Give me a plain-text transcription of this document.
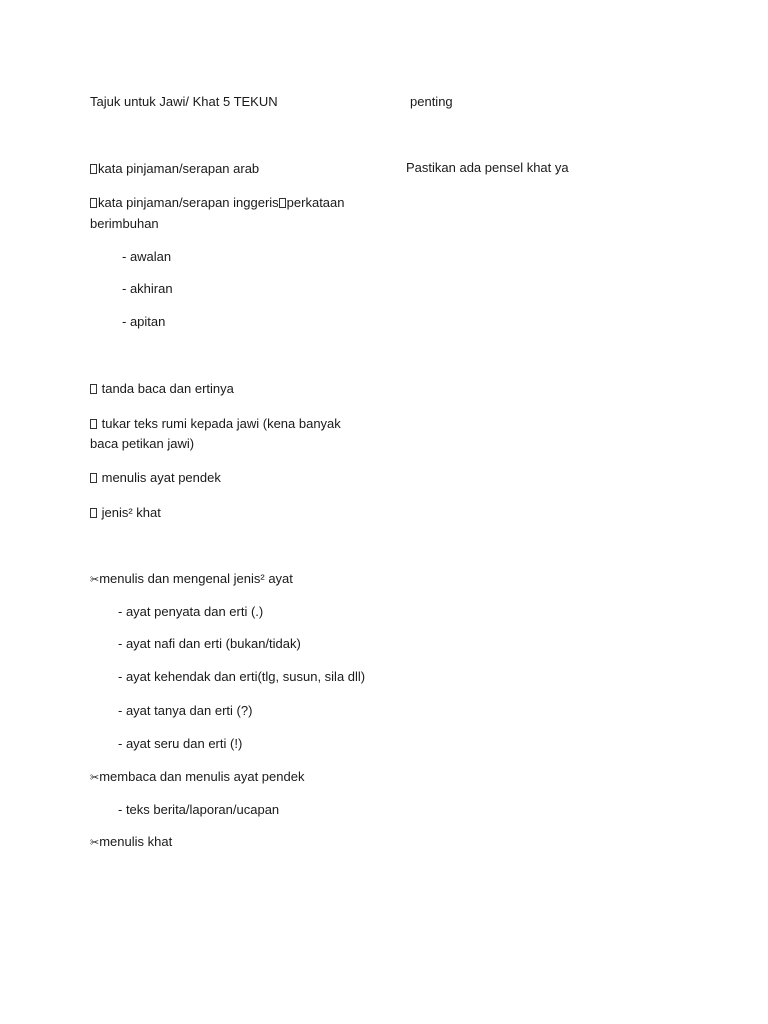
Tajuk untuk Jawi/ Khat 5 TEKUN	penting
kata pinjaman/serapan arab	Pastikan ada pensel khat ya
kata pinjaman/serapan inggeris perkataan
berimbuhan
- awalan
- akhiran
- apitan
tanda baca dan ertinya
tukar teks rumi kepada jawi (kena banyak
baca petikan jawi)
menulis ayat pendek
jenis² khat
✂menulis dan mengenal jenis² ayat
- ayat penyata dan erti (.)
- ayat nafi dan erti (bukan/tidak)
- ayat kehendak dan erti(tlg, susun, sila dll)
- ayat tanya dan erti (?)
- ayat seru dan erti (!)
✂membaca dan menulis ayat pendek
- teks berita/laporan/ucapan
✂menulis khat
